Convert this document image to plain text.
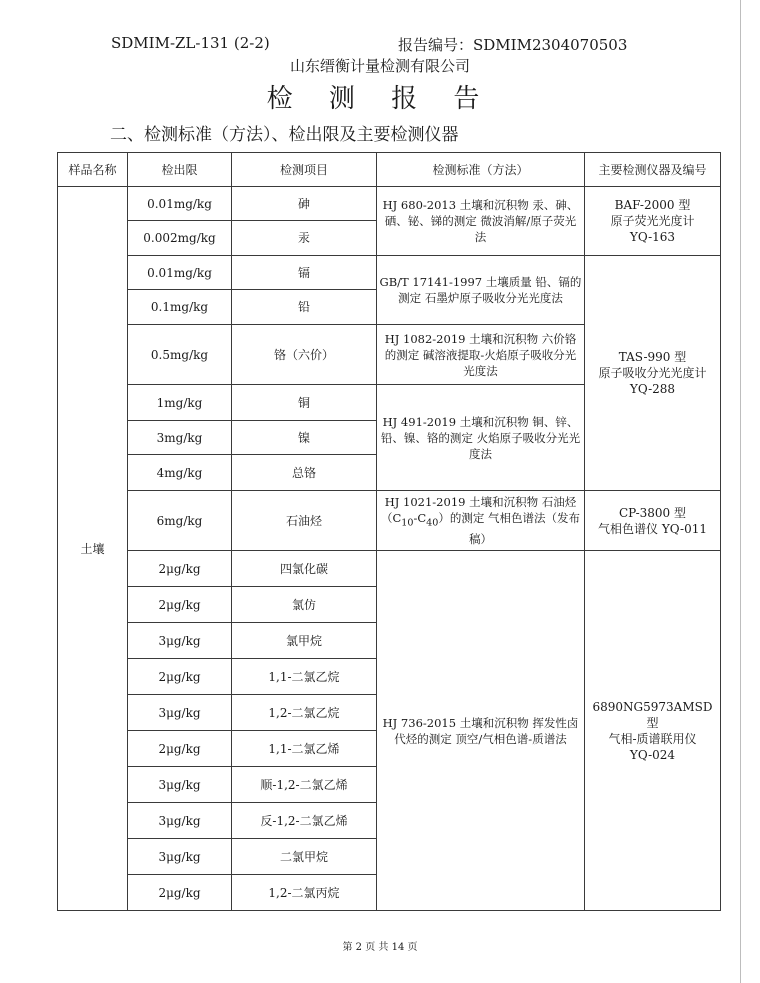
SDMIM-ZL-131 (2-2)	报告编号：SDMIM2304070503
山东缙衡计量检测有限公司
检 测 报 告
二、检测标准（方法）、检出限及主要检测仪器
样品名称	检出限	检测项目	检测标准（方法）	主要检测仪器及编号
土壤	0.01mg/kg	砷	HJ 680-2013 土壤和沉积物 汞、砷、硒、铋、锑的测定 微波消解/原子荧光法	BAF-2000 型
原子荧光光度计
YQ-163

	0.002mg/kg	汞		
	0.01mg/kg	镉	GB/T 17141-1997 土壤质量 铅、镉的测定 石墨炉原子吸收分光光度法	TAS-990 型
原子吸收分光光度计
YQ-288

	0.1mg/kg	铅		
	0.5mg/kg	铬（六价）	HJ 1082-2019 土壤和沉积物 六价铬的测定 碱溶液提取-火焰原子吸收分光光度法	
	1mg/kg	铜	HJ 491-2019 土壤和沉积物 铜、锌、铅、镍、铬的测定 火焰原子吸收分光光度法	
	3mg/kg	镍		
	4mg/kg	总铬		
	6mg/kg	石油烃	HJ 1021-2019 土壤和沉积物 石油烃$(C_{10}-C_{40})$的测定 气相色谱法（发布稿）	CP-3800 型
气相色谱仪 YQ-011

	2μg/kg	四氯化碳	HJ 736-2015 土壤和沉积物 挥发性卤代烃的测定 顶空/气相色谱-质谱法	6890NG5973AMSD 型
气相-质谱联用仪
YQ-024

	2μg/kg	氯仿		
	3μg/kg	氯甲烷		
	2μg/kg	1,1-二氯乙烷		
	3μg/kg	1,2-二氯乙烷		
	2μg/kg	1,1-二氯乙烯		
	3μg/kg	顺-1,2-二氯乙烯		
	3μg/kg	反-1,2-二氯乙烯		
	3μg/kg	二氯甲烷		
	2μg/kg	1,2-二氯丙烷		
第 2 页 共 14 页
